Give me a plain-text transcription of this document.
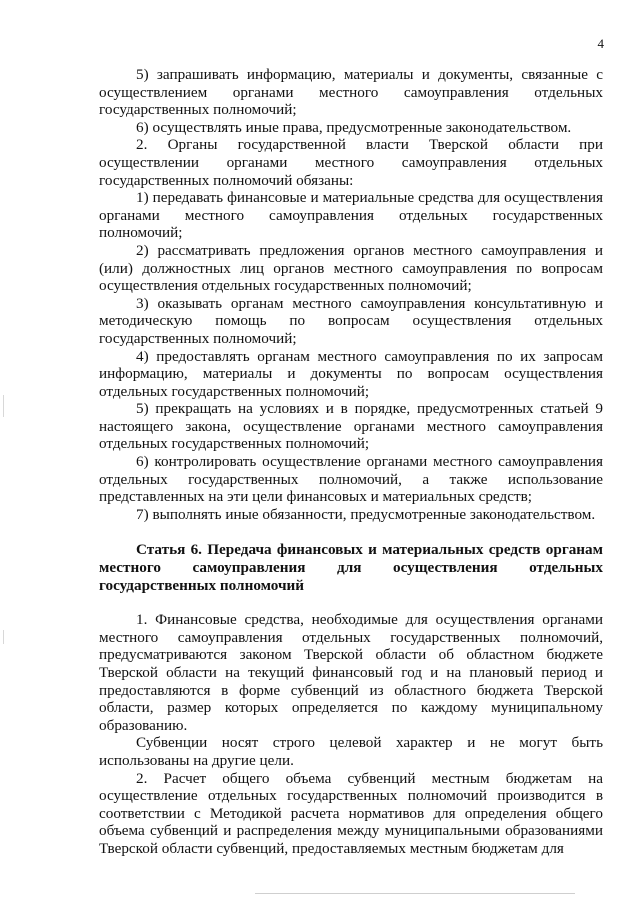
4

5) запрашивать информацию, материалы и документы, связанные с осуществлением органами местного самоуправления отдельных государственных полномочий;

6) осуществлять иные права, предусмотренные законодательством.

2. Органы государственной власти Тверской области при осуществлении органами местного самоуправления отдельных государственных полномочий обязаны:

1) передавать финансовые и материальные средства для осуществления органами местного самоуправления отдельных государственных полномочий;

2) рассматривать предложения органов местного самоуправления и (или) должностных лиц органов местного самоуправления по вопросам осуществления отдельных государственных полномочий;

3) оказывать органам местного самоуправления консультативную и методическую помощь по вопросам осуществления отдельных государственных полномочий;

4) предоставлять органам местного самоуправления по их запросам информацию, материалы и документы по вопросам осуществления отдельных государственных полномочий;

5) прекращать на условиях и в порядке, предусмотренных статьей 9 настоящего закона, осуществление органами местного самоуправления отдельных государственных полномочий;

6) контролировать осуществление органами местного самоуправления отдельных государственных полномочий, а также использование представленных на эти цели финансовых и материальных средств;

7) выполнять иные обязанности, предусмотренные законодательством.

Статья 6. Передача финансовых и материальных средств органам местного самоуправления для осуществления отдельных государственных полномочий

1. Финансовые средства, необходимые для осуществления органами местного самоуправления отдельных государственных полномочий, предусматриваются законом Тверской области об областном бюджете Тверской области на текущий финансовый год и на плановый период и предоставляются в форме субвенций из областного бюджета Тверской области, размер которых определяется по каждому муниципальному образованию.

Субвенции носят строго целевой характер и не могут быть использованы на другие цели.

2. Расчет общего объема субвенций местным бюджетам на осуществление отдельных государственных полномочий производится в соответствии с Методикой расчета нормативов для определения общего объема субвенций и распределения между муниципальными образованиями Тверской области субвенций, предоставляемых местным бюджетам для
